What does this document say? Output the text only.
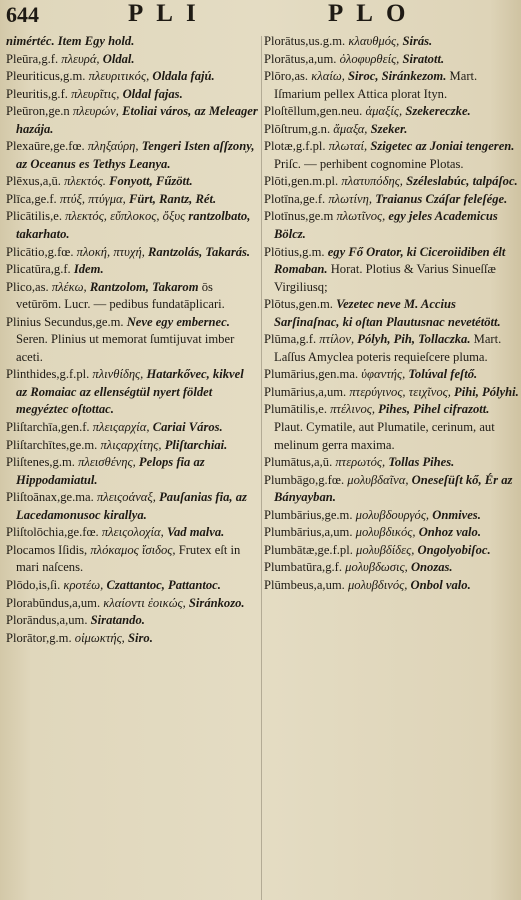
644	PLI	PLO

nimértéc. Item Egy hold.

Pleūra,g.f. πλευρά, Oldal.

Pleuriticus,g.m. πλευριτικός, Oldala fajú.

Pleuritis,g.f. πλευρῖτις, Oldal fajas.

Pleūron,ge.n πλευρών, Etoliai város, az Meleager hazája.

Plexaūre,ge.fœ. πληξαύρη, Tengeri Isten aſſzony, az Oceanus es Tethys Leanya.

Plēxus,a,ū. πλεκτός. Fonyott, Fűzött.

Plīca,ge.f. πτύξ, πτύγμα, Fürt, Rantz, Rét.

Plicātilis,e. πλεκτός, εὔπλοκος, ὄξυς rantzolbato, takarhato.

Plicātio,g.fœ. πλοκή, πτυχή, Rantzolás, Takarás.

Plicatūra,g.f. Idem.

Plico,as. πλέκω, Rantzolom, Takarom ōs vetūrōm. Lucr. — pedibus fundatāplicari.

Plinius Secundus,ge.m. Neve egy embernec. Seren. Plinius ut memorat ſumtijuvat imber aceti.

Plinthides,g.f.pl. πλινθίδης, Hatarkővec, kikvel az Romaiac az ellenségtül nyert földet megyéztec oſtottac.

Pliſtarchīa,gen.f. πλειςαρχία, Cariai Város.

Pliſtarchītes,ge.m. πλιςαρχίτης, Pliſtarchiai.

Pliſtenes,g.m. πλεισθένης, Pelops fia az Hippodamiatul.

Pliſtoānax,ge.ma. πλειςοάναξ, Pauſanias fia, az Lacedamonusoc kirallya.

Pliſtolōchia,ge.fœ. πλειςολοχία, Vad malva.

Plocamos Iſidis, πλόκαμος ἴσιδος, Frutex eſt in mari naſcens.

Plōdo,is,ſi. κροτέω, Czattantoc, Pattantoc.

Plorabūndus,a,um. κλαίοντι ἐοικώς, Siránkozo.

Plorāndus,a,um. Siratando.

Plorātor,g.m. οἰμωκτής, Siro.

Plorātus,us.g.m. κλαυθμός, Sirás.

Plorātus,a,um. ὀλοφυρθείς, Siratott.

Plōro,as. κλαίω, Siroc, Siránkezom. Mart. Iſmarium pellex Attica plorat Ityn.

Ploſtēllum,gen.neu. ἁμαξίς, Szekereczke.

Plōſtrum,g.n. ἅμαξα, Szeker.

Plotæ,g.f.pl. πλωταί, Szigetec az Joniai tengeren. Priſc. — perhibent cognomine Plotas.

Plōti,gen.m.pl. πλατυπόδης, Széleslabúc, talpáſoc.

Plotīna,ge.f. πλωτίνη, Traianus Czáſar feleſége.

Plotīnus,ge.m πλωτῖνος, egy jeles Academicus Bölcz.

Plōtius,g.m. egy Fő Orator, ki Ciceroiidiben élt Romaban. Horat. Plotius & Varius Sinueſſæ Virgiliusq;

Plōtus,gen.m. Vezetec neve M. Accius Sarſinaſnac, ki oſtan Plautusnac nevetétött.

Plūma,g.f. πτίλον, Pólyh, Pih, Tollaczka. Mart. Laſſus Amyclea poteris requieſcere pluma.

Plumārius,gen.ma. ὑφαντής, Tolúval feſtő.

Plumārius,a,um. πτερύγινος, τειχῖνος, Pihi, Pólyhi.

Plumātilis,e. πτέλινος, Pihes, Pihel cifrazott. Plaut. Cymatile, aut Plumatile, cerinum, aut melinum gerra maxima.

Plumātus,a,ū. πτερωτός, Tollas Pihes.

Plumbāgo,g.fœ. μολυβδαῖνα, Oneseſüſt kő, Ér az Bányayban.

Plumbārius,ge.m. μολυβδουργός, Onmives.

Plumbārius,a,um. μολυβδικός, Onhoz valo.

Plumbātæ,ge.f.pl. μολυβδίδες, Ongolyobiſoc.

Plumbatūra,g.f. μολυβδωσις, Onozas.

Plūmbeus,a,um. μολυβδινός, Onbol valo.
